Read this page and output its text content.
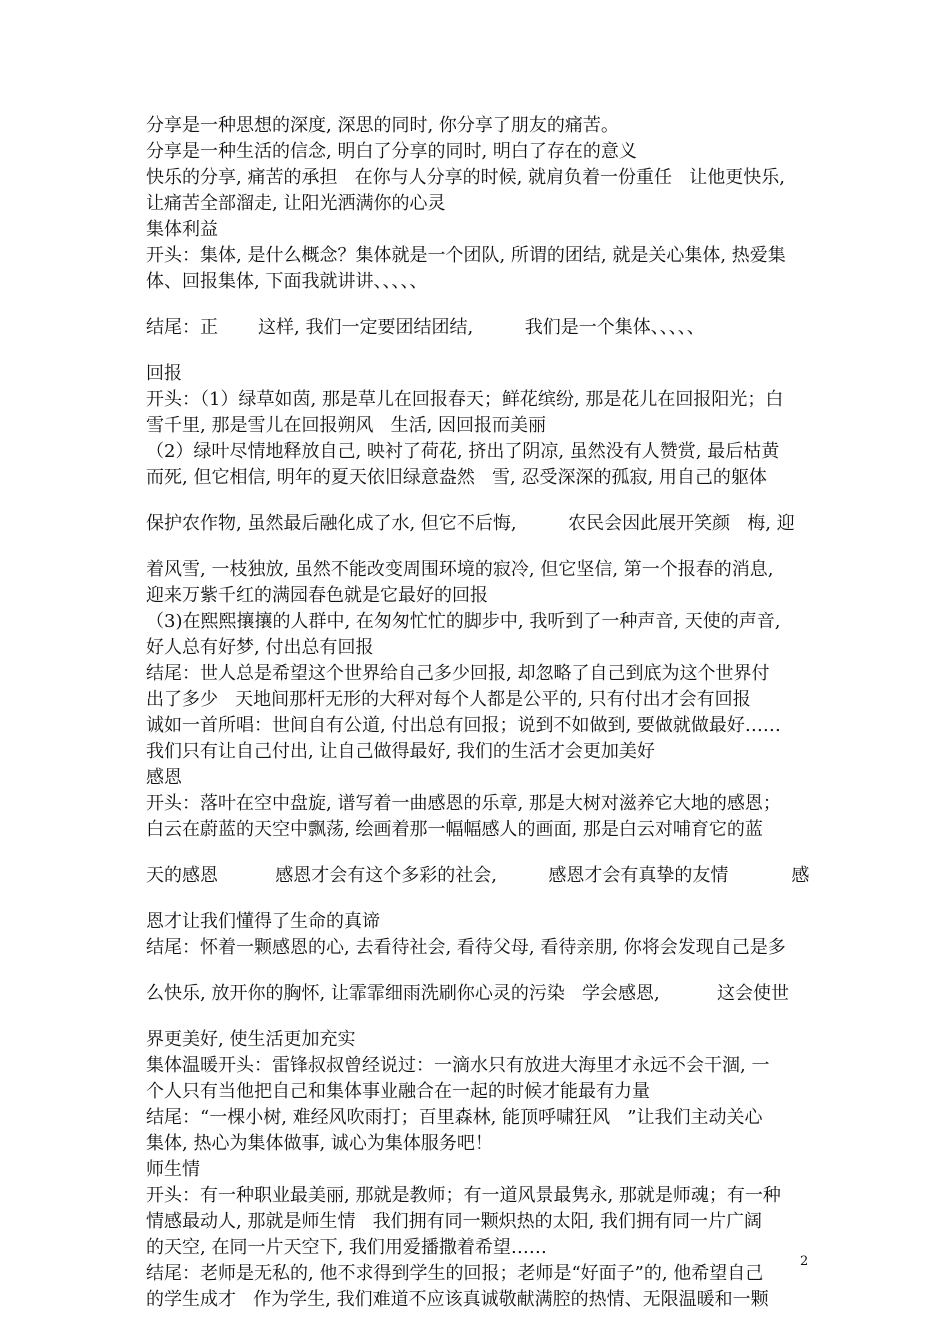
分享是一种思想的深度, 深思的同时, 你分享了朋友的痛苦。
分享是一种生活的信念, 明白了分享的同时, 明白了存在的意义
快乐的分享, 痛苦的承担   在你与人分享的时候, 就肩负着一份重任   让他更快乐,
让痛苦全部溜走, 让阳光洒满你的心灵
集体利益
开头：集体, 是什么概念？集体就是一个团队, 所谓的团结, 就是关心集体, 热爱集
体、回报集体, 下面我就讲讲、、、、、
结尾：正       这样, 我们一定要团结团结,         我们是一个集体、、、、、
回报
开头：（1）绿草如茵, 那是草儿在回报春天；鲜花缤纷, 那是花儿在回报阳光；白
雪千里, 那是雪儿在回报朔风   生活, 因回报而美丽
（2）绿叶尽情地释放自己, 映衬了荷花, 挤出了阴凉, 虽然没有人赞赏, 最后枯黄
而死, 但它相信, 明年的夏天依旧绿意盎然   雪, 忍受深深的孤寂, 用自己的躯体
保护农作物, 虽然最后融化成了水, 但它不后悔,         农民会因此展开笑颜   梅, 迎
着风雪, 一枝独放, 虽然不能改变周围环境的寂冷, 但它坚信, 第一个报春的消息,
迎来万紫千红的满园春色就是它最好的回报
（3)在熙熙攘攘的人群中, 在匆匆忙忙的脚步中, 我听到了一种声音, 天使的声音,
好人总有好梦, 付出总有回报
结尾：世人总是希望这个世界给自己多少回报, 却忽略了自己到底为这个世界付
出了多少   天地间那杆无形的大秤对每个人都是公平的, 只有付出才会有回报
诚如一首所唱：世间自有公道, 付出总有回报；说到不如做到, 要做就做最好……
我们只有让自己付出, 让自己做得最好, 我们的生活才会更加美好
感恩
开头：落叶在空中盘旋, 谱写着一曲感恩的乐章, 那是大树对滋养它大地的感恩；
白云在蔚蓝的天空中飘荡, 绘画着那一幅幅感人的画面, 那是白云对哺育它的蓝
天的感恩          感恩才会有这个多彩的社会,         感恩才会有真挚的友情           感
恩才让我们懂得了生命的真谛
结尾：怀着一颗感恩的心, 去看待社会, 看待父母, 看待亲朋, 你将会发现自己是多
么快乐, 放开你的胸怀, 让霏霏细雨洗刷你心灵的污染   学会感恩,          这会使世
界更美好, 使生活更加充实
集体温暖开头：雷锋叔叔曾经说过：一滴水只有放进大海里才永远不会干涸, 一
个人只有当他把自己和集体事业融合在一起的时候才能最有力量
结尾：“一棵小树, 难经风吹雨打；百里森林, 能顶呼啸狂风   ”让我们主动关心
集体, 热心为集体做事, 诚心为集体服务吧！
师生情
开头：有一种职业最美丽, 那就是教师；有一道风景最隽永, 那就是师魂；有一种
情感最动人, 那就是师生情   我们拥有同一颗炽热的太阳, 我们拥有同一片广阔
的天空, 在同一片天空下, 我们用爱播撒着希望……
结尾：老师是无私的, 他不求得到学生的回报；老师是“好面子”的, 他希望自己
的学生成才   作为学生, 我们难道不应该真诚敬献满腔的热情、无限温暖和一颗
2
